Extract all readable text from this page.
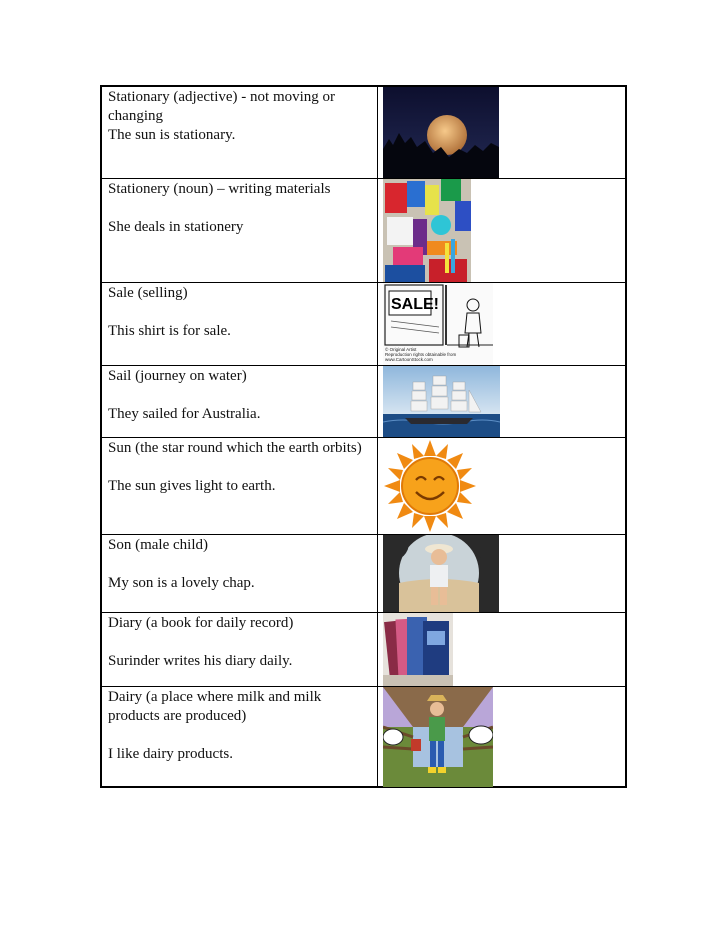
Stationary (adjective) - not moving or changing
The sun is stationary.

Stationery (noun) – writing materials
She deals in stationery

Sale (selling)
This shirt is for sale.	SALE!
© Original Artist
Reproduction rights obtainable from
www.CartoonStock.com

Sail (journey on water)
They sailed for Australia.

Sun (the star round which the earth orbits)
The sun gives light to earth.

Son (male child)
My son is a lovely chap.

Diary (a book for daily record)
Surinder writes his diary daily.

Dairy (a place where milk and milk products are produced)
I like dairy products.
